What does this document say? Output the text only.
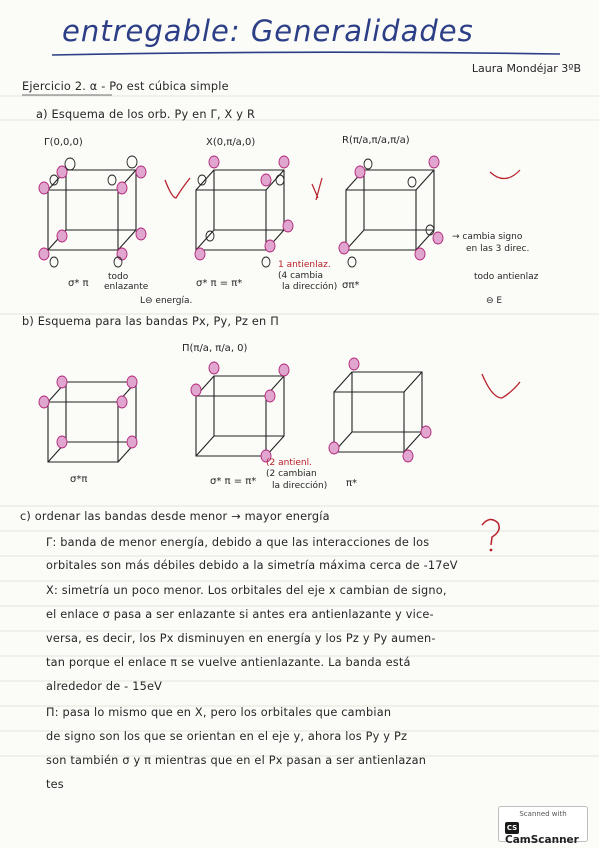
entregable: Generalidades
Laura Mondéjar 3ºB
Ejercicio 2. α - Po est cúbica simple
a) Esquema de los orb. Py en Γ, X y R
Γ(0,0,0)	X(0,π/a,0)	R(π/a,π/a,π/a)
σ* π
todo
enlazante
L⊖ energía.
σ* π = π*
1 antienlaz.
(4 cambia
la dirección) σπ*
→ cambia signo
en las 3 direc.
todo antienlaz
⊖ E
b) Esquema para las bandas Px, Py, Pz en Π
Π(π/a, π/a, 0)
σ*π	σ* π = π*
(2 antienl.
(2 cambian
la dirección) π*
c) ordenar las bandas desde menor → mayor energía
Γ: banda de menor energía, debido a que las interacciones de los
orbitales son más débiles debido a la simetría máxima cerca de -17eV
X: simetría un poco menor. Los orbitales del eje x cambian de signo,
el enlace σ pasa a ser enlazante si antes era antienlazante y vice-
versa, es decir, los Px disminuyen en energía y los Pz y Py aumen-
tan porque el enlace π se vuelve antienlazante. La banda está
alrededor de - 15eV
Π: pasa lo mismo que en X, pero los orbitales que cambian
de signo son los que se orientan en el eje y, ahora los Py y Pz
son también σ y π mientras que en el Px pasan a ser antienlazan
tes
Scanned with
CSCamScanner
